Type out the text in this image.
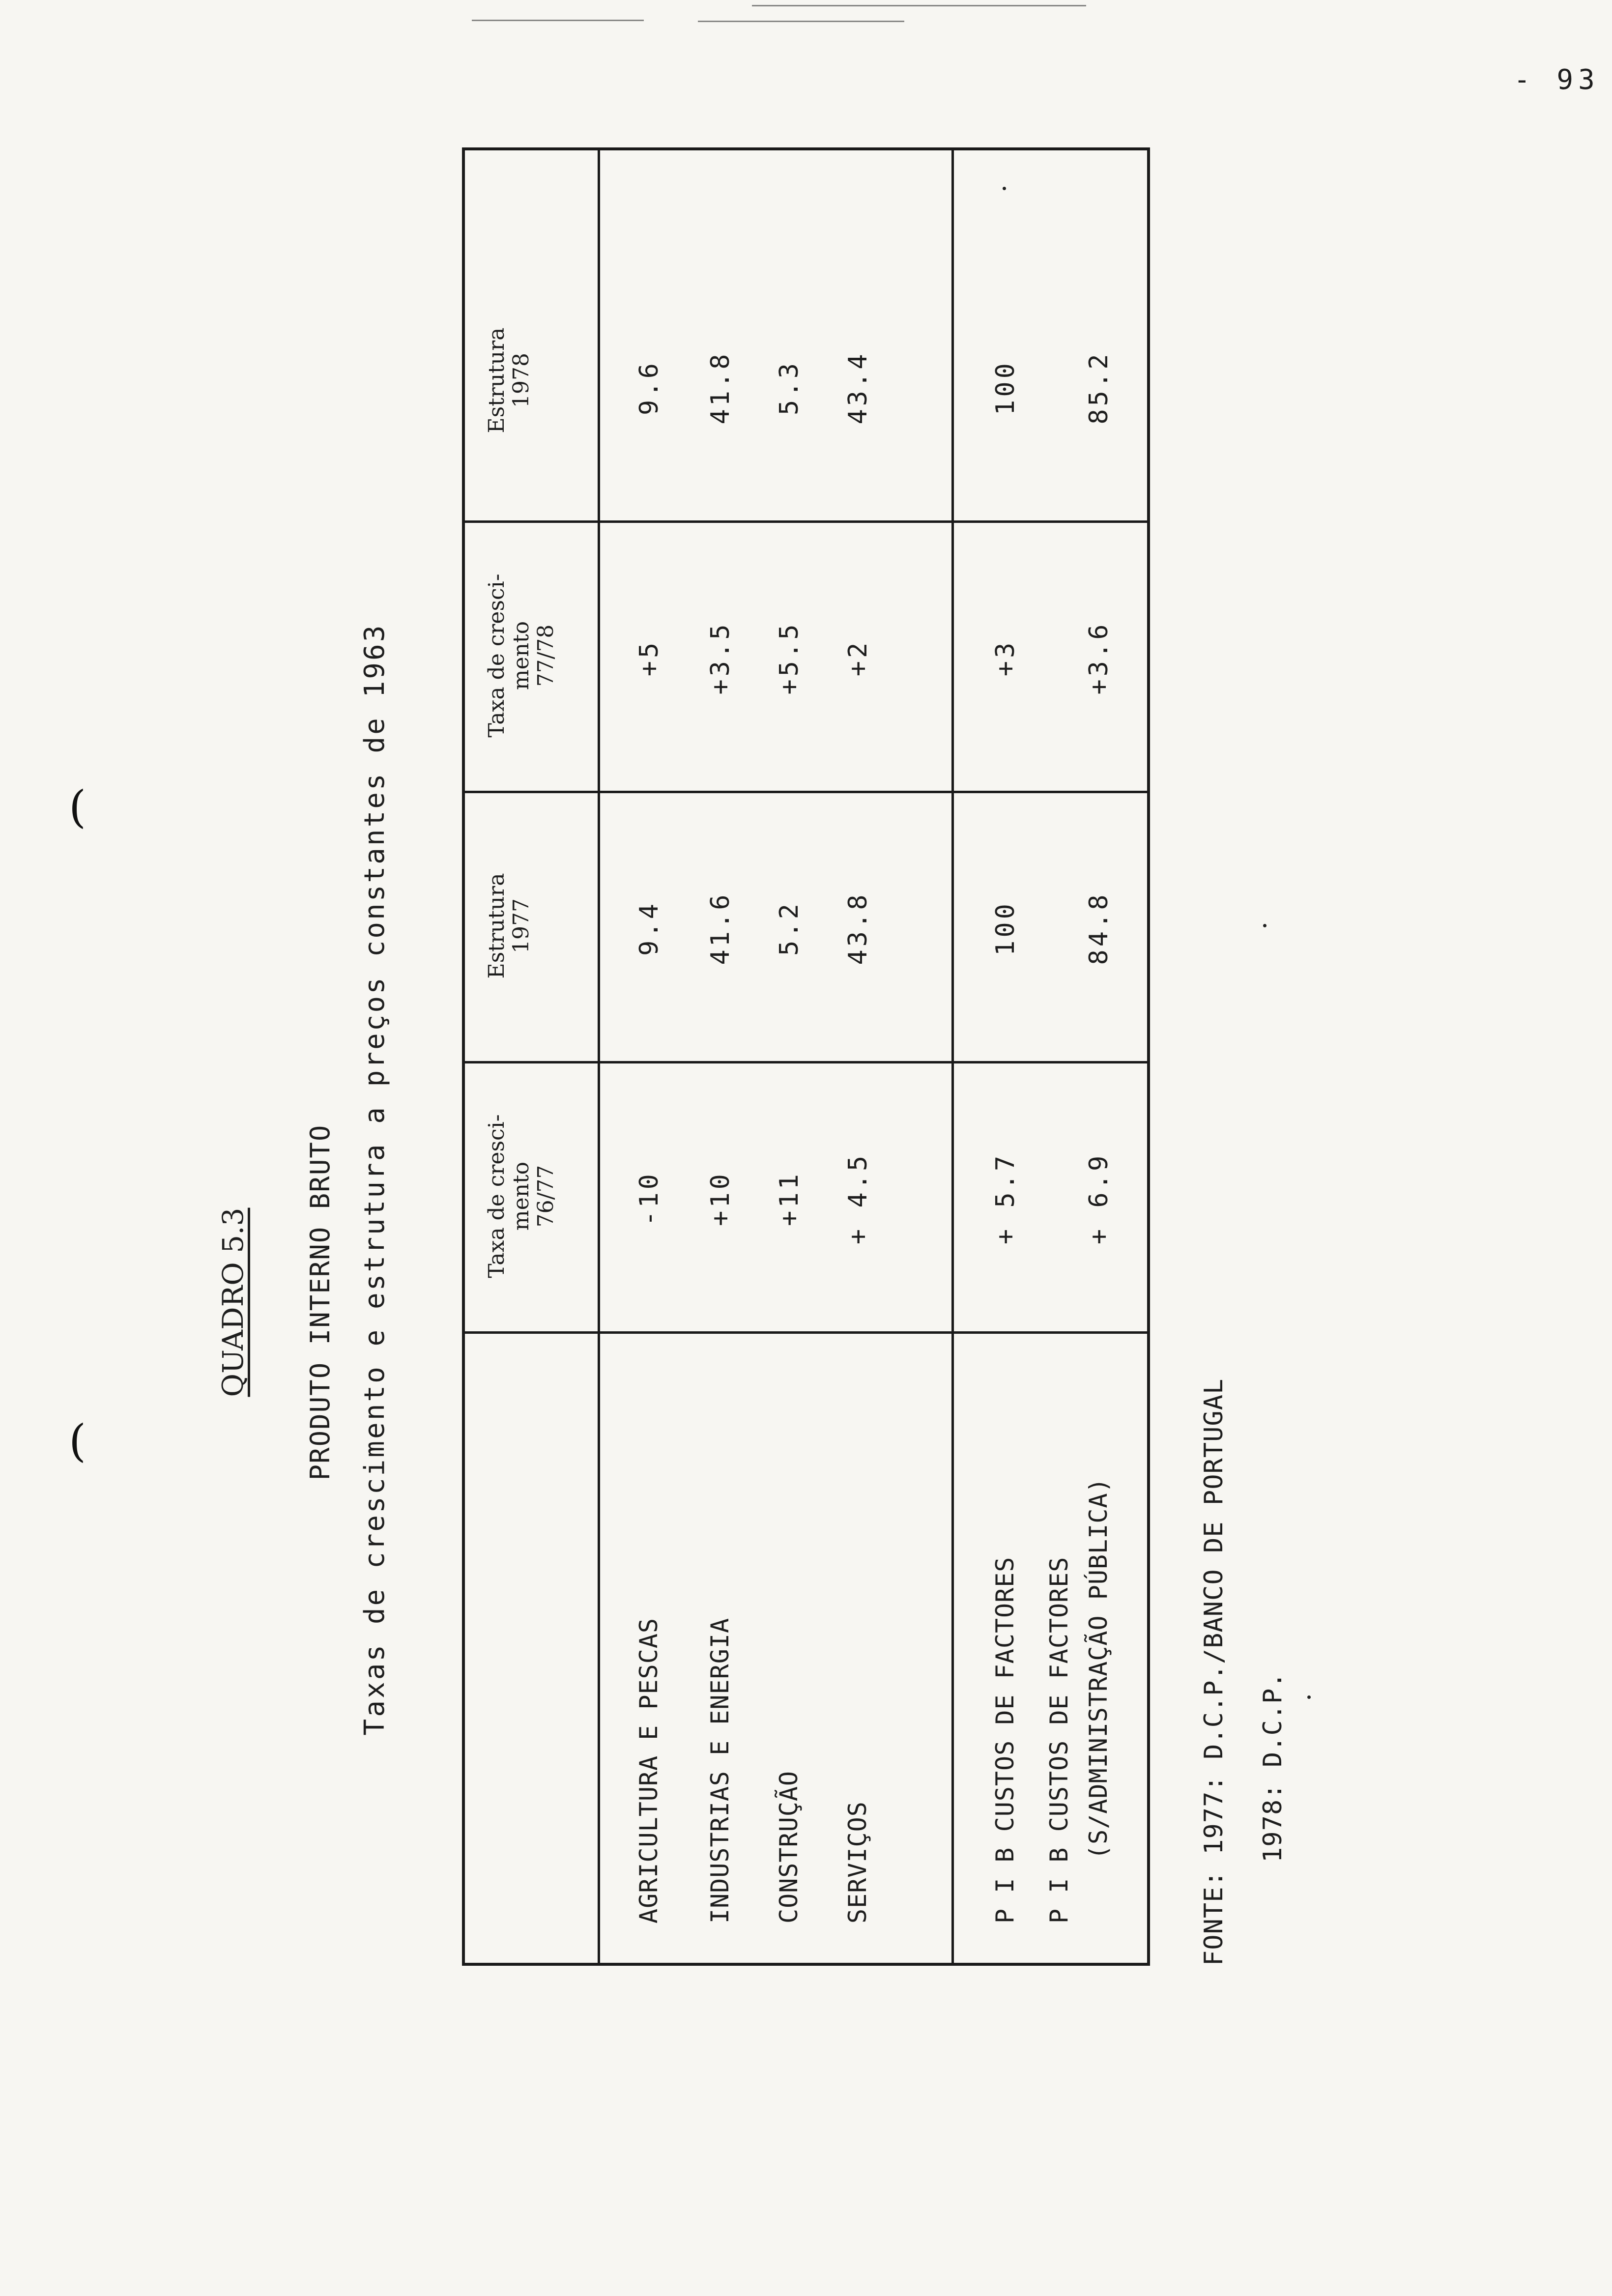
(
(
- 93
QUADRO 5.3 PRODUTO INTERNO BRUTO Taxas de crescimento e estrutura a preços constantes de 1963	Taxa de cresci- mento 76/77
Estrutura 1977
Taxa de cresci- mento 77/78
Estrutura 1978
AGRICULTURA E PESCAS
-10
9.4
+5
9.6
INDUSTRIAS E ENERGIA
+10
41.6
+3.5
41.8
CONSTRUÇÃO
+11
5.2
+5.5
5.3
SERVIÇOS
+ 4.5
43.8
+2
43.4
P I B CUSTOS DE FACTORES
+ 5.7
100
+3
100
P I B CUSTOS DE FACTORES (S/ADMINISTRAÇÃO PÚBLICA)
+ 6.9
84.8
+3.6
85.2
FONTE: 1977: D.C.P./BANCO DE PORTUGAL 1978: D.C.P.
